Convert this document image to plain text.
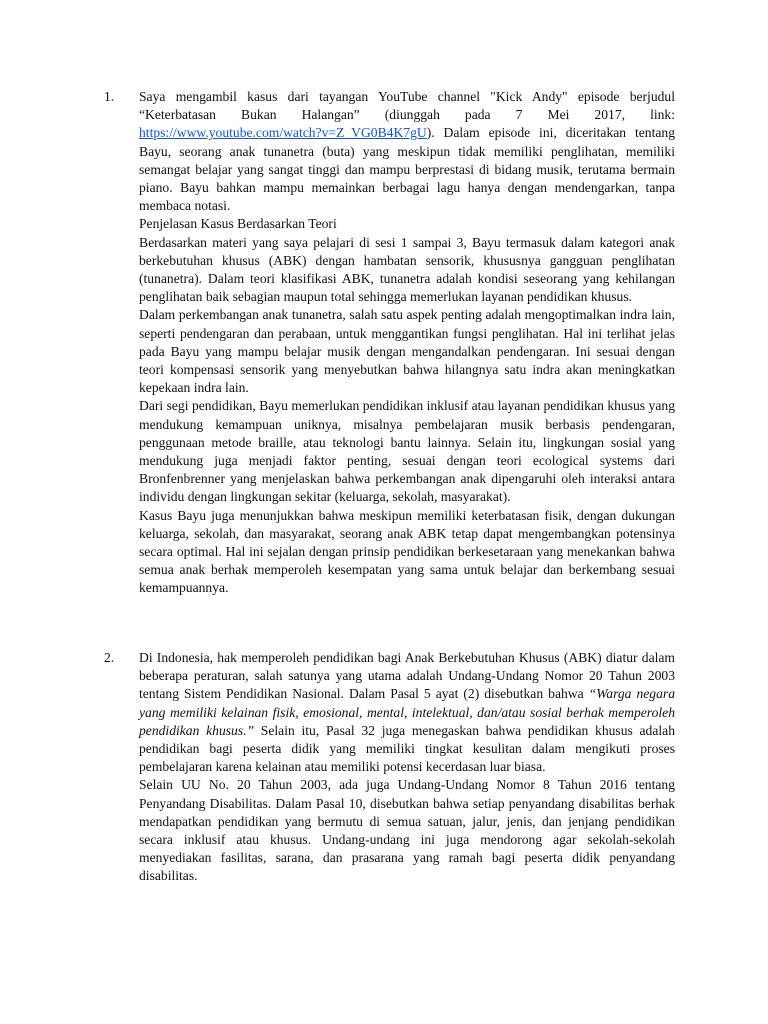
1.	Saya mengambil kasus dari tayangan YouTube channel "Kick Andy" episode berjudul “Keterbatasan Bukan Halangan” (diunggah pada 7 Mei 2017, link: https://www.youtube.com/watch?v=Z_VG0B4K7gU). Dalam episode ini, diceritakan tentang Bayu, seorang anak tunanetra (buta) yang meskipun tidak memiliki penglihatan, memiliki semangat belajar yang sangat tinggi dan mampu berprestasi di bidang musik, terutama bermain piano. Bayu bahkan mampu memainkan berbagai lagu hanya dengan mendengarkan, tanpa membaca notasi.

Penjelasan Kasus Berdasarkan Teori

Berdasarkan materi yang saya pelajari di sesi 1 sampai 3, Bayu termasuk dalam kategori anak berkebutuhan khusus (ABK) dengan hambatan sensorik, khususnya gangguan penglihatan (tunanetra). Dalam teori klasifikasi ABK, tunanetra adalah kondisi seseorang yang kehilangan penglihatan baik sebagian maupun total sehingga memerlukan layanan pendidikan khusus.

Dalam perkembangan anak tunanetra, salah satu aspek penting adalah mengoptimalkan indra lain, seperti pendengaran dan perabaan, untuk menggantikan fungsi penglihatan. Hal ini terlihat jelas pada Bayu yang mampu belajar musik dengan mengandalkan pendengaran. Ini sesuai dengan teori kompensasi sensorik yang menyebutkan bahwa hilangnya satu indra akan meningkatkan kepekaan indra lain.

Dari segi pendidikan, Bayu memerlukan pendidikan inklusif atau layanan pendidikan khusus yang mendukung kemampuan uniknya, misalnya pembelajaran musik berbasis pendengaran, penggunaan metode braille, atau teknologi bantu lainnya. Selain itu, lingkungan sosial yang mendukung juga menjadi faktor penting, sesuai dengan teori ecological systems dari Bronfenbrenner yang menjelaskan bahwa perkembangan anak dipengaruhi oleh interaksi antara individu dengan lingkungan sekitar (keluarga, sekolah, masyarakat).

Kasus Bayu juga menunjukkan bahwa meskipun memiliki keterbatasan fisik, dengan dukungan keluarga, sekolah, dan masyarakat, seorang anak ABK tetap dapat mengembangkan potensinya secara optimal. Hal ini sejalan dengan prinsip pendidikan berkesetaraan yang menekankan bahwa semua anak berhak memperoleh kesempatan yang sama untuk belajar dan berkembang sesuai kemampuannya.

2.	Di Indonesia, hak memperoleh pendidikan bagi Anak Berkebutuhan Khusus (ABK) diatur dalam beberapa peraturan, salah satunya yang utama adalah Undang-Undang Nomor 20 Tahun 2003 tentang Sistem Pendidikan Nasional. Dalam Pasal 5 ayat (2) disebutkan bahwa “Warga negara yang memiliki kelainan fisik, emosional, mental, intelektual, dan/atau sosial berhak memperoleh pendidikan khusus.” Selain itu, Pasal 32 juga menegaskan bahwa pendidikan khusus adalah pendidikan bagi peserta didik yang memiliki tingkat kesulitan dalam mengikuti proses pembelajaran karena kelainan atau memiliki potensi kecerdasan luar biasa.

Selain UU No. 20 Tahun 2003, ada juga Undang-Undang Nomor 8 Tahun 2016 tentang Penyandang Disabilitas. Dalam Pasal 10, disebutkan bahwa setiap penyandang disabilitas berhak mendapatkan pendidikan yang bermutu di semua satuan, jalur, jenis, dan jenjang pendidikan secara inklusif atau khusus. Undang-undang ini juga mendorong agar sekolah-sekolah menyediakan fasilitas, sarana, dan prasarana yang ramah bagi peserta didik penyandang disabilitas.
